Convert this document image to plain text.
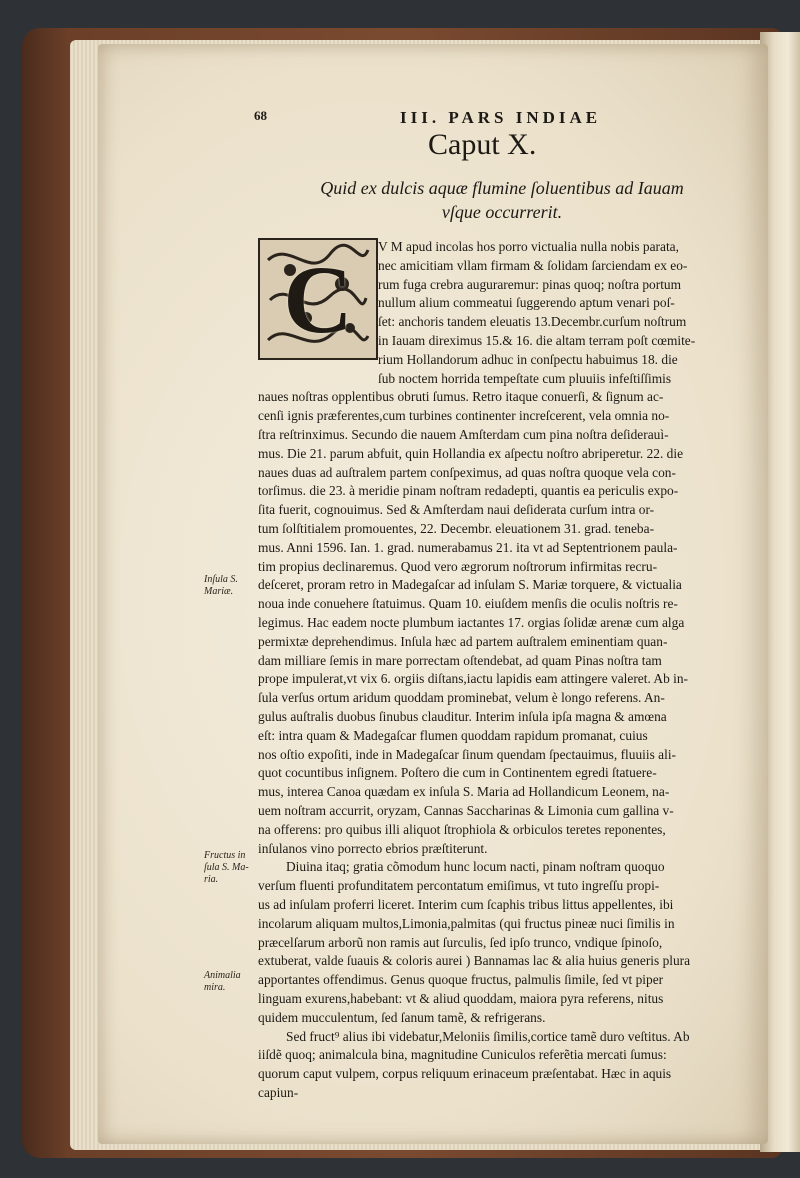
68	III. PARS INDIAE
Caput X.
Quid ex dulcis aquæ flumine ſoluentibus ad Iauam
vſque occurrerit.
C	V M apud incolas hos porro victualia nulla nobis parata,
nec amicitiam vllam firmam & ſolidam ſarciendam ex eo-
rum fuga crebra auguraremur: pinas quoq; noſtra portum
nullum alium commeatui ſuggerendo aptum venari poſ-
ſet: anchoris tandem eleuatis 13.Decembr.curſum noſtrum
in Iauam direximus 15.& 16. die altam terram poſt cœmite-
rium Hollandorum adhuc in conſpectu habuimus 18. die
ſub noctem horrida tempeſtate cum pluuiis infeſtiſſimis
naues noſtras opplentibus obruti ſumus. Retro itaque conuerſi, & ſignum ac-
cenſi ignis præferentes,cum turbines continenter increſcerent, vela omnia no-
ſtra reſtrinximus. Secundo die nauem Amſterdam cum pina noſtra deſiderauì-
mus. Die 21. parum abfuit, quin Hollandia ex aſpectu noſtro abriperetur. 22. die
naues duas ad auſtralem partem conſpeximus, ad quas noſtra quoque vela con-
torſimus. die 23. à meridie pinam noſtram redadepti, quantis ea periculis expo-
ſita fuerit, cognouimus. Sed & Amſterdam naui deſiderata curſum intra or-
tum ſolſtitialem promouentes, 22. Decembr. eleuationem 31. grad. teneba-
mus. Anni 1596. Ian. 1. grad. numerabamus 21. ita vt ad Septentrionem paula-
tim propius declinaremus. Quod vero ægrorum noſtrorum infirmitas recru-
deſceret, proram retro in Madegaſcar ad inſulam S. Mariæ torquere, & victualia
noua inde conuehere ſtatuimus. Quam 10. eiuſdem menſis die oculis noſtris re-
legimus. Hac eadem nocte plumbum iactantes 17. orgias ſolidæ arenæ cum alga
permixtæ deprehendimus. Inſula hæc ad partem auſtralem eminentiam quan-
dam milliare ſemis in mare porrectam oſtendebat, ad quam Pinas noſtra tam
prope impulerat,vt vix 6. orgiis diſtans,iactu lapidis eam attingere valeret. Ab in-
ſula verſus ortum aridum quoddam prominebat, velum è longo referens. An-
gulus auſtralis duobus ſinubus clauditur. Interim inſula ipſa magna & amœna
eſt: intra quam & Madegaſcar flumen quoddam rapidum promanat, cuius
nos oſtio expoſiti, inde in Madegaſcar ſinum quendam ſpectauimus, fluuiis ali-
quot cocuntibus inſignem. Poſtero die cum in Continentem egredi ſtatuere-
mus, interea Canoa quædam ex inſula S. Maria ad Hollandicum Leonem, na-
uem noſtram accurrit, oryzam, Cannas Saccharinas & Limonia cum gallina v-
na offerens: pro quibus illi aliquot ſtrophiola & orbiculos teretes reponentes,
inſulanos vino porrecto ebrios præſtiterunt.
Diuina itaq; gratia cõmodum hunc locum nacti, pinam noſtram quoquo
verſum fluenti profunditatem percontatum emiſimus, vt tuto ingreſſu propi-
us ad inſulam proferri liceret. Interim cum ſcaphis tribus littus appellentes, ibi
incolarum aliquam multos,Limonia,palmitas (qui fructus pineæ nuci ſimilis in
præcelſarum arborũ non ramis aut ſurculis, ſed ipſo trunco, vndique ſpinoſo,
extuberat, valde ſuauis & coloris aurei ) Bannamas lac & alia huius generis plura
apportantes offendimus. Genus quoque fructus, palmulis ſimile, ſed vt piper
linguam exurens,habebant: vt & aliud quoddam, maiora pyra referens, nitus
quidem mucculentum, ſed ſanum tamẽ, & refrigerans.
Sed fruct⁹ alius ibi videbatur,Meloniis ſimilis,cortice tamẽ duro veſtitus. Ab
iiſdẽ quoq; animalcula bina, magnitudine Cuniculos referẽtia mercati ſumus:
quorum caput vulpem, corpus reliquum erinaceum præſentabat. Hæc in aquis
capiun-
Inſula S. Mariæ.
Fructus in ſula S. Maria.
Animalia mira.
